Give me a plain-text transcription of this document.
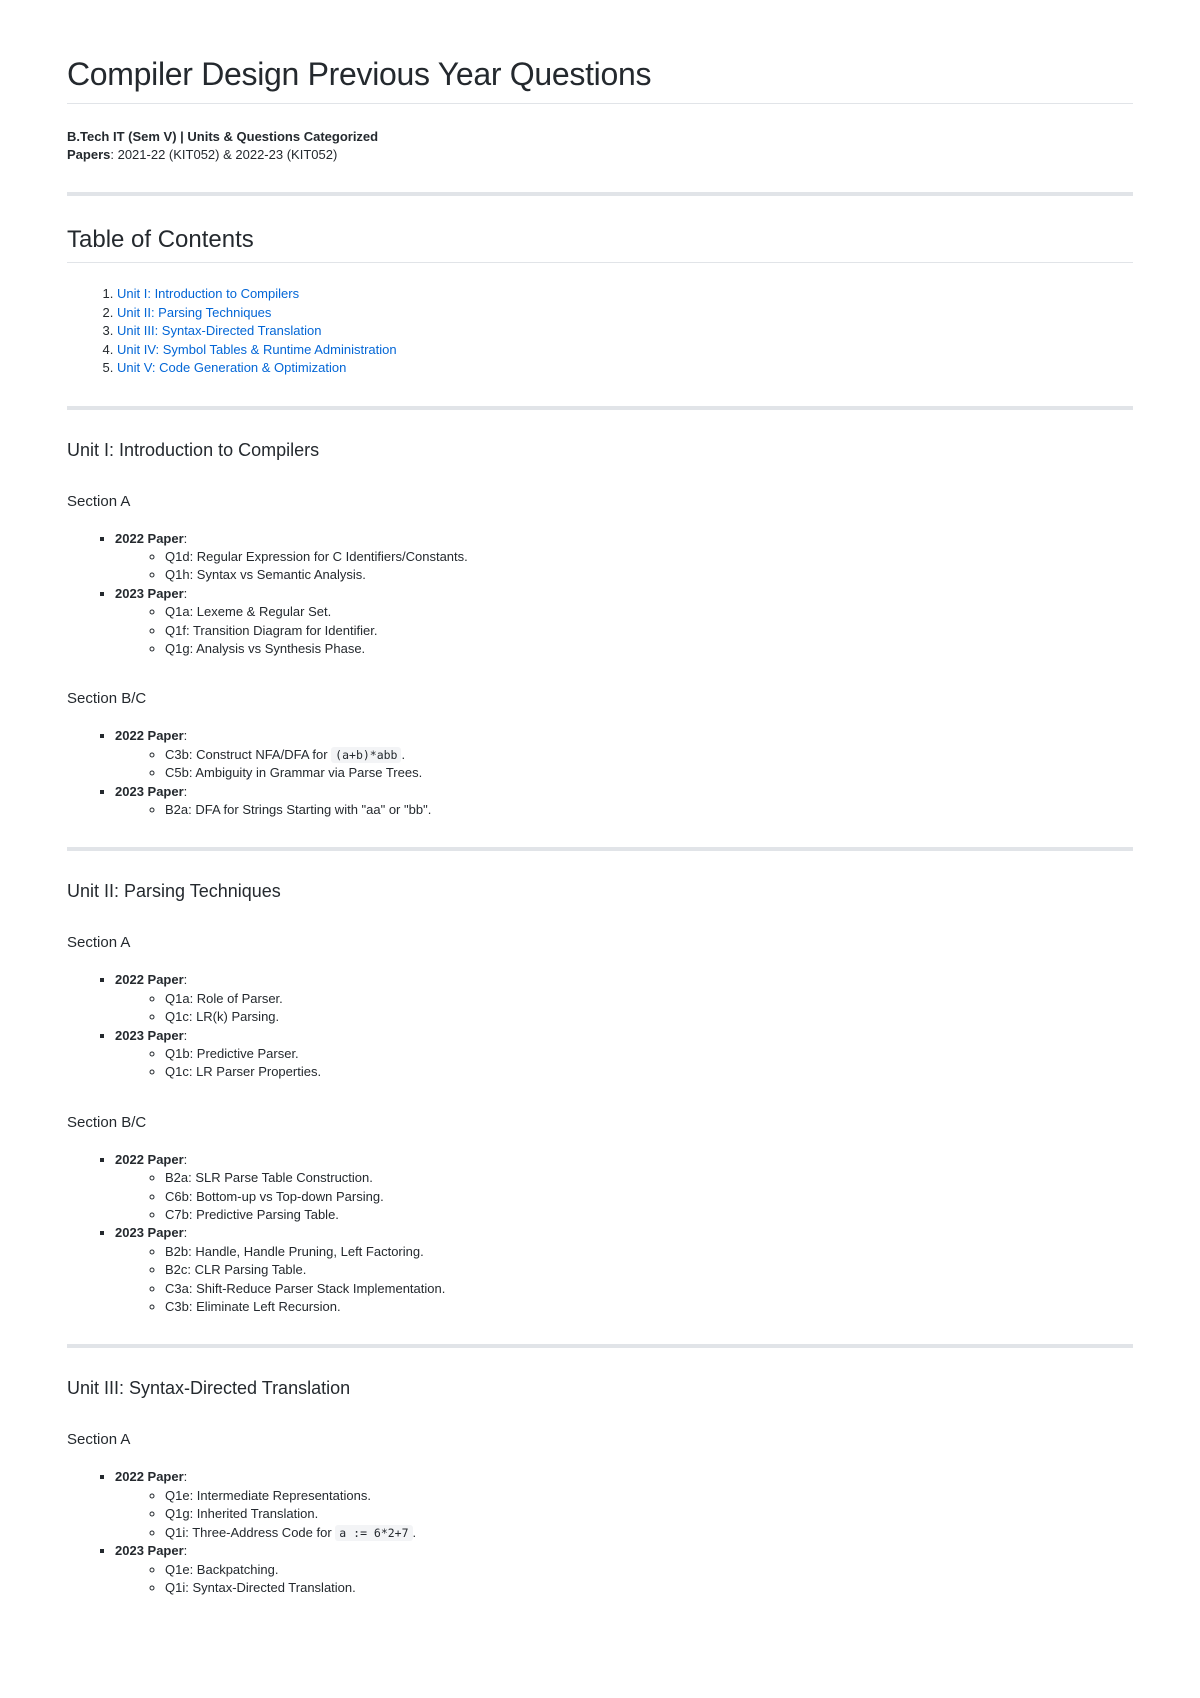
Compiler Design Previous Year Questions
B.Tech IT (Sem V) | Units & Questions Categorized
Papers: 2021-22 (KIT052) & 2022-23 (KIT052)
Table of Contents
1. Unit I: Introduction to Compilers
2. Unit II: Parsing Techniques
3. Unit III: Syntax-Directed Translation
4. Unit IV: Symbol Tables & Runtime Administration
5. Unit V: Code Generation & Optimization
Unit I: Introduction to Compilers
Section A
▪ 2022 Paper:
◦ Q1d: Regular Expression for C Identifiers/Constants.
◦ Q1h: Syntax vs Semantic Analysis.
▪ 2023 Paper:
◦ Q1a: Lexeme & Regular Set.
◦ Q1f: Transition Diagram for Identifier.
◦ Q1g: Analysis vs Synthesis Phase.
Section B/C
▪ 2022 Paper:
◦ C3b: Construct NFA/DFA for (a+b)*abb .
◦ C5b: Ambiguity in Grammar via Parse Trees.
▪ 2023 Paper:
◦ B2a: DFA for Strings Starting with "aa" or "bb".
Unit II: Parsing Techniques
Section A
▪ 2022 Paper:
◦ Q1a: Role of Parser.
◦ Q1c: LR(k) Parsing.
▪ 2023 Paper:
◦ Q1b: Predictive Parser.
◦ Q1c: LR Parser Properties.
Section B/C
▪ 2022 Paper:
◦ B2a: SLR Parse Table Construction.
◦ C6b: Bottom-up vs Top-down Parsing.
◦ C7b: Predictive Parsing Table.
▪ 2023 Paper:
◦ B2b: Handle, Handle Pruning, Left Factoring.
◦ B2c: CLR Parsing Table.
◦ C3a: Shift-Reduce Parser Stack Implementation.
◦ C3b: Eliminate Left Recursion.
Unit III: Syntax-Directed Translation
Section A
▪ 2022 Paper:
◦ Q1e: Intermediate Representations.
◦ Q1g: Inherited Translation.
◦ Q1i: Three-Address Code for a := 6*2+7 .
▪ 2023 Paper:
◦ Q1e: Backpatching.
◦ Q1i: Syntax-Directed Translation.
